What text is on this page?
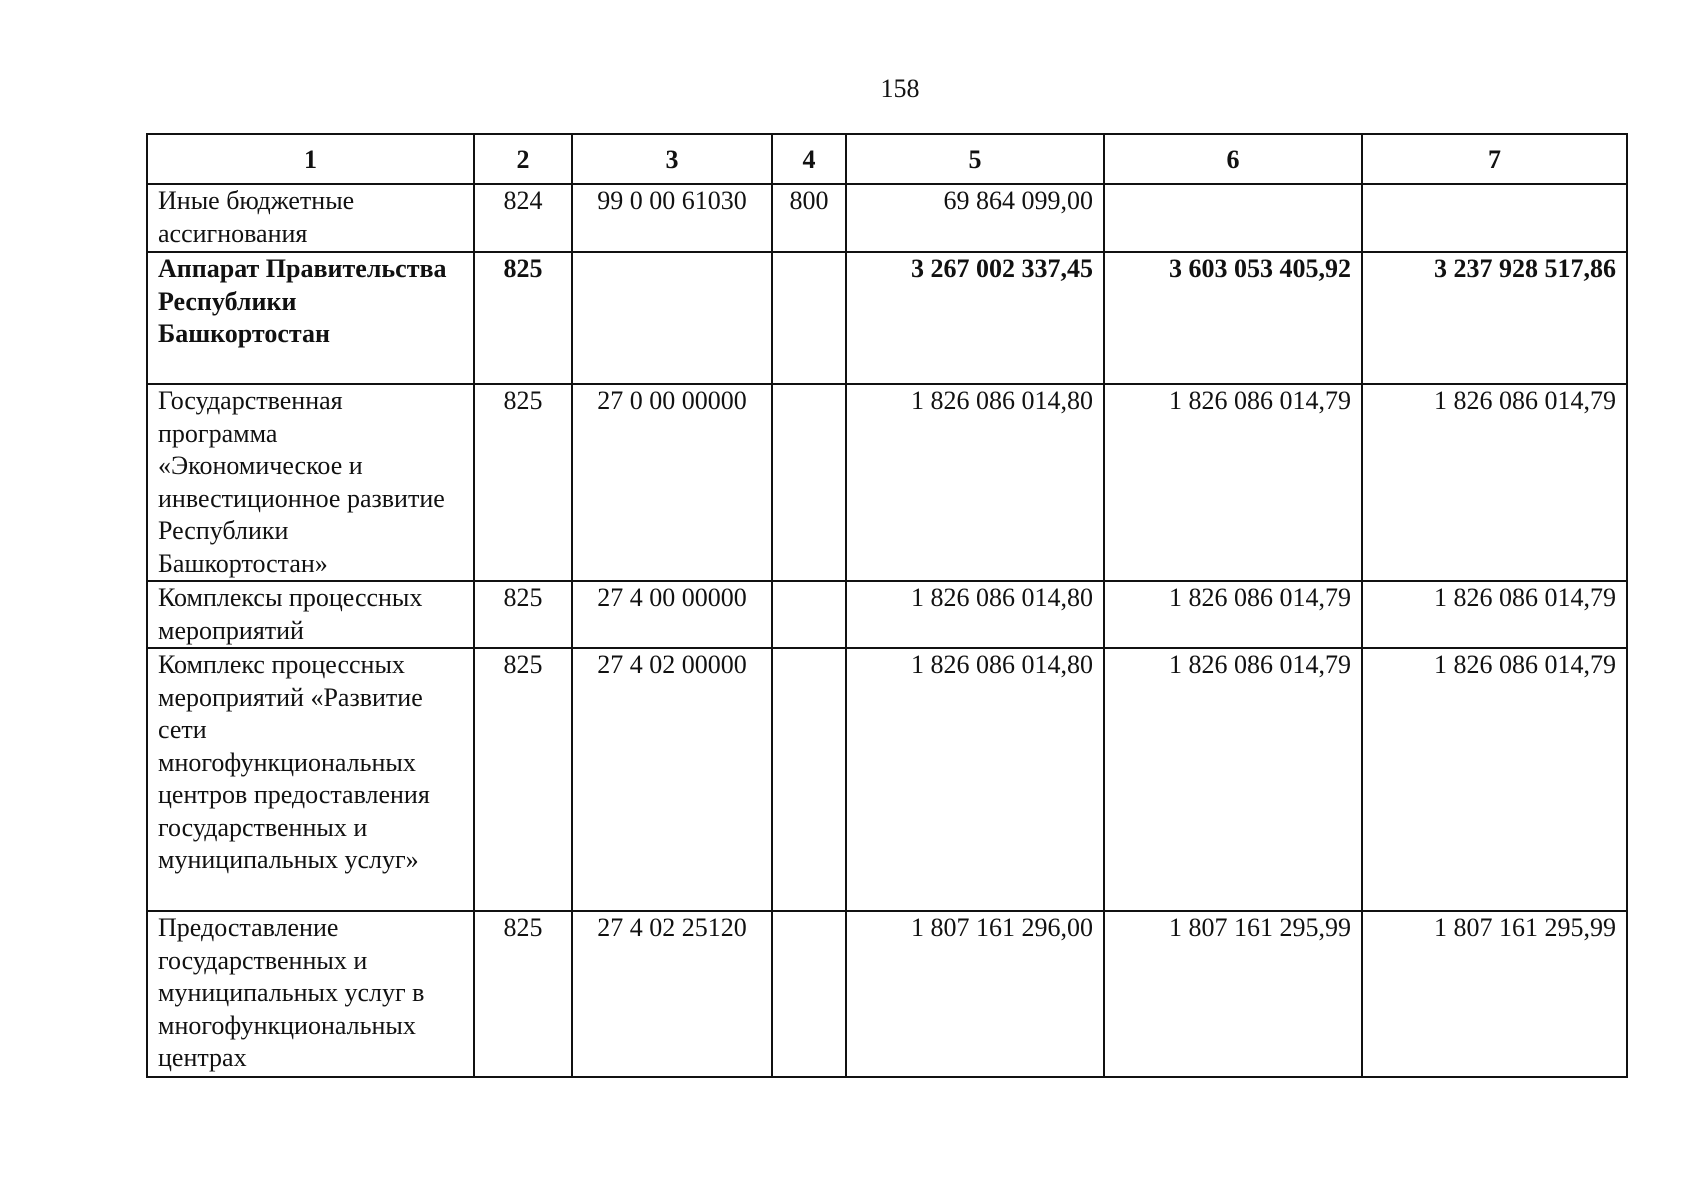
158
1	2	3	4	5	6	7
Иные бюджетные ассигнования	824	99 0 00 61030	800	69 864 099,00		
Аппарат Правительства Республики Башкортостан	825			3 267 002 337,45	3 603 053 405,92	3 237 928 517,86
Государственная программа «Экономическое и инвестиционное развитие Республики Башкортостан»	825	27 0 00 00000		1 826 086 014,80	1 826 086 014,79	1 826 086 014,79
Комплексы процессных мероприятий	825	27 4 00 00000		1 826 086 014,80	1 826 086 014,79	1 826 086 014,79
Комплекс процессных мероприятий «Развитие сети многофункциональных центров предоставления государственных и муниципальных услуг»	825	27 4 02 00000		1 826 086 014,80	1 826 086 014,79	1 826 086 014,79
Предоставление государственных и муниципальных услуг в многофункциональных центрах	825	27 4 02 25120		1 807 161 296,00	1 807 161 295,99	1 807 161 295,99
